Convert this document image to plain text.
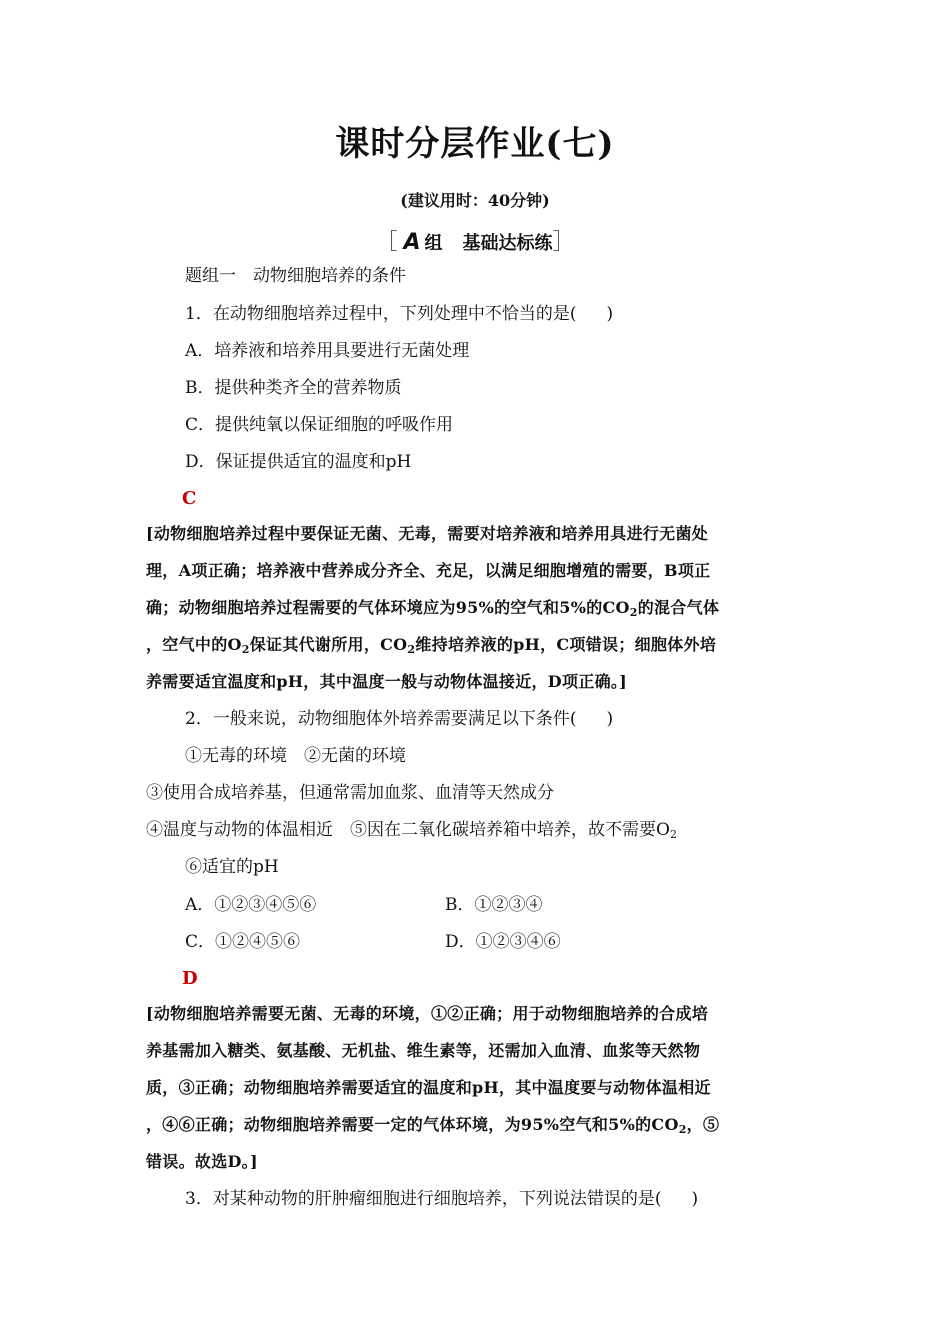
课时分层作业(七)
(建议用时：40分钟)
［ A 组 基础达标练］
题组一　动物细胞培养的条件
1．在动物细胞培养过程中，下列处理中不恰当的是( )
A．培养液和培养用具要进行无菌处理
B．提供种类齐全的营养物质
C．提供纯氧以保证细胞的呼吸作用
D．保证提供适宜的温度和pH
C
[动物细胞培养过程中要保证无菌、无毒，需要对培养液和培养用具进行无菌处
理，A项正确；培养液中营养成分齐全、充足，以满足细胞增殖的需要，B项正
确；动物细胞培养过程需要的气体环境应为95%的空气和5%的$CO_2$的混合气体
，空气中的$O_2$保证其代谢所用，$CO_2$维持培养液的pH，C项错误；细胞体外培
养需要适宜温度和pH，其中温度一般与动物体温接近，D项正确。]
2．一般来说，动物细胞体外培养需要满足以下条件( )
①无毒的环境　②无菌的环境
③使用合成培养基，但通常需加血浆、血清等天然成分
④温度与动物的体温相近　⑤因在二氧化碳培养箱中培养，故不需要$O_2$
⑥适宜的pH
A．①②③④⑤⑥	B．①②③④
C．①②④⑤⑥	D．①②③④⑥
D
[动物细胞培养需要无菌、无毒的环境，①②正确；用于动物细胞培养的合成培
养基需加入糖类、氨基酸、无机盐、维生素等，还需加入血清、血浆等天然物
质，③正确；动物细胞培养需要适宜的温度和pH，其中温度要与动物体温相近
，④⑥正确；动物细胞培养需要一定的气体环境，为95%空气和5%的$CO_2$，⑤
错误。故选D。]
3．对某种动物的肝肿瘤细胞进行细胞培养，下列说法错误的是( )
